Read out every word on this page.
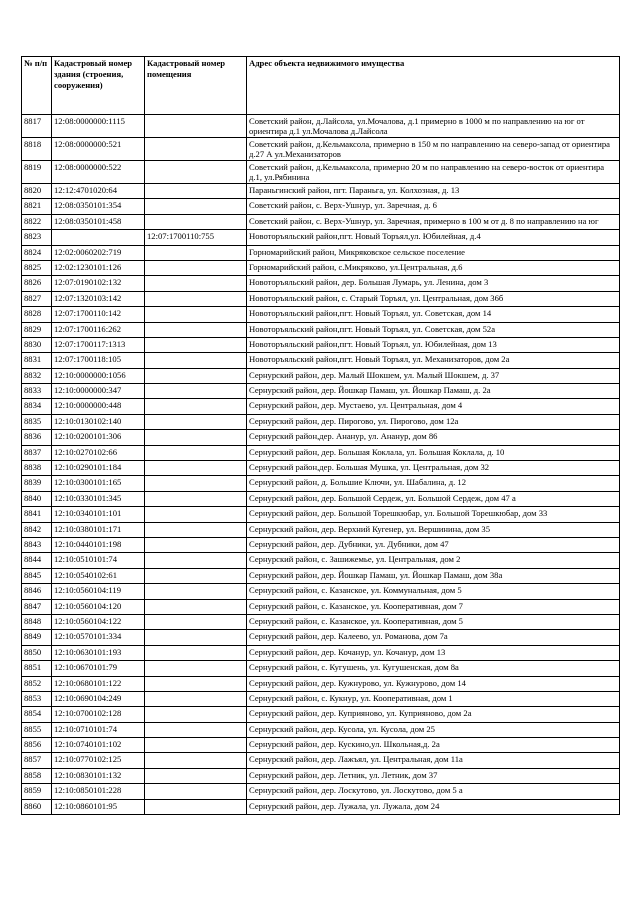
№ п/п	Кадастровый номер здания (строения, сооружения)	Кадастровый номер помещения	Адрес объекта недвижимого имущества
8817	12:08:0000000:1115		Советский район, д.Лайсола, ул.Мочалова, д.1 примерно в 1000 м по направлению на юг от ориентира д.1 ул.Мочалова д.Лайсола
8818	12:08:0000000:521		Советский район, д.Кельмаксола, примерно в 150 м по направлению на северо-запад от ориентира д.27 А ул.Механизаторов
8819	12:08:0000000:522		Советский район, д.Кельмаксола, примерно 20 м по направлению на северо-восток от ориентира д.1, ул.Рябинина
8820	12:12:4701020:64		Параньгинский район, пгт. Параньга, ул. Колхозная, д. 13
8821	12:08:0350101:354		Советский район, с. Верх-Ушнур, ул. Заречная, д. 6
8822	12:08:0350101:458		Советский район, с. Верх-Ушнур, ул. Заречная, примерно в 100 м от д. 8 по направлению на юг
8823		12:07:1700110:755	Новоторъяльский район,пгт. Новый Торъял,ул. Юбилейная, д.4
8824	12:02:0060202:719		Горномарийский район, Микряковское сельское поселение
8825	12:02:1230101:126		Горномарийский район, с.Микряково, ул.Центральная, д.6
8826	12:07:0190102:132		Новоторъяльский район, дер. Большая Лумарь, ул. Ленина, дом 3
8827	12:07:1320103:142		Новоторъяльский район, с. Старый Торъял, ул. Центральная, дом 36б
8828	12:07:1700110:142		Новоторъяльский район,пгт. Новый Торъял, ул. Советская, дом 14
8829	12:07:1700116:262		Новоторъяльский район,пгт. Новый Торъял, ул. Советская, дом 52а
8830	12:07:1700117:1313		Новоторъяльский район,пгт. Новый Торъял, ул. Юбилейная, дом 13
8831	12:07:1700118:105		Новоторъяльский район,пгт. Новый Торъял, ул. Механизаторов, дом 2а
8832	12:10:0000000:1056		Сернурский район, дер. Малый Шокшем, ул. Малый Шокшем, д. 37
8833	12:10:0000000:347		Сернурский район, дер. Йошкар Памаш, ул. Йошкар Памаш, д. 2а
8834	12:10:0000000:448		Сернурский район, дер. Мустаево, ул. Центральная, дом 4
8835	12:10:0130102:140		Сернурский район, дер. Пирогово, ул. Пирогово, дом 12а
8836	12:10:0200101:306		Сернурский район,дер. Ананур, ул. Ананур, дом 86
8837	12:10:0270102:66		Сернурский район, дер. Большая Коклала, ул. Большая Коклала, д. 10
8838	12:10:0290101:184		Сернурский район,дер. Большая Мушка, ул. Центральная, дом 32
8839	12:10:0300101:165		Сернурский район, д. Большие Ключи, ул. Шабалина, д. 12
8840	12:10:0330101:345		Сернурский район, дер. Большой Сердеж, ул. Большой Сердеж, дом 47 а
8841	12:10:0340101:101		Сернурский район, дер. Большой Торешкюбар, ул. Большой Торешкюбар, дом 33
8842	12:10:0380101:171		Сернурский район, дер. Верхний Кугенер, ул. Вершинина, дом 35
8843	12:10:0440101:198		Сернурский район, дер. Дубники, ул. Дубники, дом 47
8844	12:10:0510101:74		Сернурский район, с. Зашижемье, ул. Центральная, дом 2
8845	12:10:0540102:61		Сернурский район, дер. Йошкар Памаш, ул. Йошкар Памаш, дом 38а
8846	12:10:0560104:119		Сернурский район, с. Казанское, ул. Коммунальная, дом 5
8847	12:10:0560104:120		Сернурский район, с. Казанское, ул. Кооперативная, дом 7
8848	12:10:0560104:122		Сернурский район, с. Казанское, ул. Кооперативная, дом 5
8849	12:10:0570101:334		Сернурский район, дер. Калеево, ул. Романова, дом 7а
8850	12:10:0630101:193		Сернурский район, дер. Кочанур, ул. Кочанур, дом 13
8851	12:10:0670101:79		Сернурский район, с. Кугушень, ул. Кугушенская, дом 8а
8852	12:10:0680101:122		Сернурский район, дер. Кужнурово, ул. Кужнурово, дом 14
8853	12:10:0690104:249		Сернурский район, с. Кукнур, ул. Кооперативная, дом 1
8854	12:10:0700102:128		Сернурский район, дер. Куприяново, ул. Куприяново, дом 2а
8855	12:10:0710101:74		Сернурский район, дер. Кусола, ул. Кусола, дом 25
8856	12:10:0740101:102		Сернурский район, дер. Кускино,ул. Школьная,д. 2а
8857	12:10:0770102:125		Сернурский район, дер. Лажъял, ул. Центральная, дом 11а
8858	12:10:0830101:132		Сернурский район, дер. Летник, ул. Летник, дом 37
8859	12:10:0850101:228		Сернурский район, дер. Лоскутово, ул. Лоскутово, дом 5 а
8860	12:10:0860101:95		Сернурский район, дер. Лужала, ул. Лужала, дом 24
